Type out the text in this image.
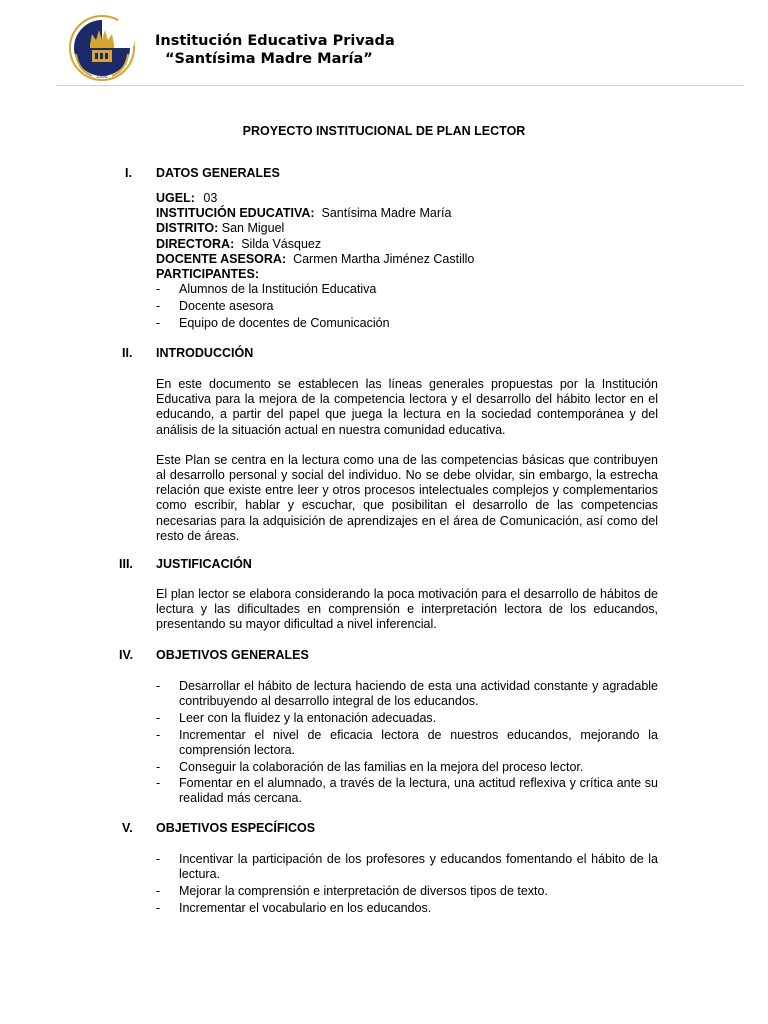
1990
Institución Educativa Privada
“Santísima Madre María”
PROYECTO INSTITUCIONAL DE PLAN LECTOR
I. DATOS GENERALES
UGEL: 03
INSTITUCIÓN EDUCATIVA: Santísima Madre María
DISTRITO: San Miguel
DIRECTORA: Silda Vásquez
DOCENTE ASESORA: Carmen Martha Jiménez Castillo
PARTICIPANTES:
- Alumnos de la Institución Educativa
- Docente asesora
- Equipo de docentes de Comunicación
II. INTRODUCCIÓN
En este documento se establecen las líneas generales propuestas por la Institución Educativa para la mejora de la competencia lectora y el desarrollo del hábito lector en el educando, a partir del papel que juega la lectura en la sociedad contemporánea y del análisis de la situación actual en nuestra comunidad educativa.
Este Plan se centra en la lectura como una de las competencias básicas que contribuyen al desarrollo personal y social del individuo. No se debe olvidar, sin embargo, la estrecha relación que existe entre leer y otros procesos intelectuales complejos y complementarios como escribir, hablar y escuchar, que posibilitan el desarrollo de las competencias necesarias para la adquisición de aprendizajes en el área de Comunicación, así como del resto de áreas.
III. JUSTIFICACIÓN
El plan lector se elabora considerando la poca motivación para el desarrollo de hábitos de lectura y las dificultades en comprensión e interpretación lectora de los educandos, presentando su mayor dificultad a nivel inferencial.
IV. OBJETIVOS GENERALES
- Desarrollar el hábito de lectura haciendo de esta una actividad constante y agradable contribuyendo al desarrollo integral de los educandos.
- Leer con la fluidez y la entonación adecuadas.
- Incrementar el nivel de eficacia lectora de nuestros educandos, mejorando la comprensión lectora.
- Conseguir la colaboración de las familias en la mejora del proceso lector.
- Fomentar en el alumnado, a través de la lectura, una actitud reflexiva y crítica ante su realidad más cercana.
V. OBJETIVOS ESPECÍFICOS
- Incentivar la participación de los profesores y educandos fomentando el hábito de la lectura.
- Mejorar la comprensión e interpretación de diversos tipos de texto.
- Incrementar el vocabulario en los educandos.
